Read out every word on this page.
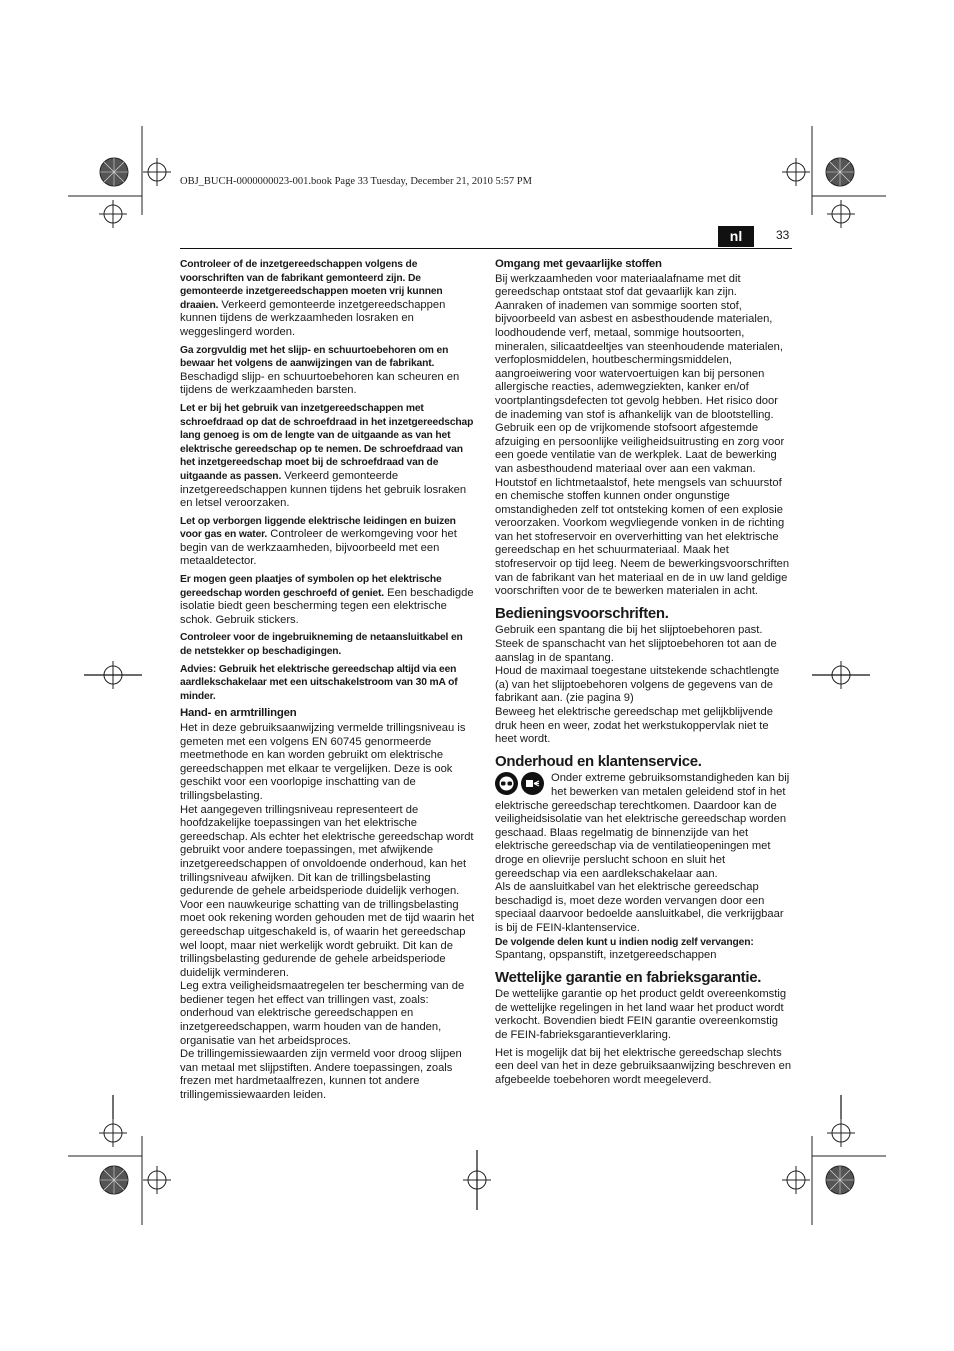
OBJ_BUCH-0000000023-001.book Page 33 Tuesday, December 21, 2010 5:57 PM
nl	33

Controleer of de inzetgereedschappen volgens de voorschriften van de fabrikant gemonteerd zijn. De gemonteerde inzetgereedschappen moeten vrij kunnen draaien. Verkeerd gemonteerde inzetgereedschappen kunnen tijdens de werkzaamheden losraken en weggeslingerd worden.

Ga zorgvuldig met het slijp- en schuurtoebehoren om en bewaar het volgens de aanwijzingen van de fabrikant. Beschadigd slijp- en schuurtoebehoren kan scheuren en tijdens de werkzaamheden barsten.

Let er bij het gebruik van inzetgereedschappen met schroefdraad op dat de schroefdraad in het inzetgereedschap lang genoeg is om de lengte van de uitgaande as van het elektrische gereedschap op te nemen. De schroefdraad van het inzetgereedschap moet bij de schroefdraad van de uitgaande as passen. Verkeerd gemonteerde inzetgereedschappen kunnen tijdens het gebruik losraken en letsel veroorzaken.

Let op verborgen liggende elektrische leidingen en buizen voor gas en water. Controleer de werkomgeving voor het begin van de werkzaamheden, bijvoorbeeld met een metaaldetector.

Er mogen geen plaatjes of symbolen op het elektrische gereedschap worden geschroefd of geniet. Een beschadigde isolatie biedt geen bescherming tegen een elektrische schok. Gebruik stickers.

Controleer voor de ingebruikneming de netaansluitkabel en de netstekker op beschadigingen.

Advies: Gebruik het elektrische gereedschap altijd via een aardlekschakelaar met een uitschakelstroom van 30 mA of minder.

Hand- en armtrillingen

Het in deze gebruiksaanwijzing vermelde trillingsniveau is gemeten met een volgens EN 60745 genormeerde meetmethode en kan worden gebruikt om elektrische gereedschappen met elkaar te vergelijken. Deze is ook geschikt voor een voorlopige inschatting van de trillingsbelasting.

Het aangegeven trillingsniveau representeert de hoofdzakelijke toepassingen van het elektrische gereedschap. Als echter het elektrische gereedschap wordt gebruikt voor andere toepassingen, met afwijkende inzetgereedschappen of onvoldoende onderhoud, kan het trillingsniveau afwijken. Dit kan de trillingsbelasting gedurende de gehele arbeidsperiode duidelijk verhogen.

Voor een nauwkeurige schatting van de trillingsbelasting moet ook rekening worden gehouden met de tijd waarin het gereedschap uitgeschakeld is, of waarin het gereedschap wel loopt, maar niet werkelijk wordt gebruikt. Dit kan de trillingsbelasting gedurende de gehele arbeidsperiode duidelijk verminderen.

Leg extra veiligheidsmaatregelen ter bescherming van de bediener tegen het effect van trillingen vast, zoals: onderhoud van elektrische gereedschappen en inzetgereedschappen, warm houden van de handen, organisatie van het arbeidsproces.

De trillingemissiewaarden zijn vermeld voor droog slijpen van metaal met slijpstiften. Andere toepassingen, zoals frezen met hardmetaalfrezen, kunnen tot andere trillingemissiewaarden leiden.

Omgang met gevaarlijke stoffen

Bij werkzaamheden voor materiaalafname met dit gereedschap ontstaat stof dat gevaarlijk kan zijn.

Aanraken of inademen van sommige soorten stof, bijvoorbeeld van asbest en asbesthoudende materialen, loodhoudende verf, metaal, sommige houtsoorten, mineralen, silicaatdeeltjes van steenhoudende materialen, verfoplosmiddelen, houtbeschermingsmiddelen, aangroeiwering voor watervoertuigen kan bij personen allergische reacties, ademwegziekten, kanker en/of voortplantingsdefecten tot gevolg hebben. Het risico door de inademing van stof is afhankelijk van de blootstelling. Gebruik een op de vrijkomende stofsoort afgestemde afzuiging en persoonlijke veiligheidsuitrusting en zorg voor een goede ventilatie van de werkplek. Laat de bewerking van asbesthoudend materiaal over aan een vakman.

Houtstof en lichtmetaalstof, hete mengsels van schuurstof en chemische stoffen kunnen onder ongunstige omstandigheden zelf tot ontsteking komen of een explosie veroorzaken. Voorkom wegvliegende vonken in de richting van het stofreservoir en oververhitting van het elektrische gereedschap en het schuurmateriaal. Maak het stofreservoir op tijd leeg. Neem de bewerkingsvoorschriften van de fabrikant van het materiaal en de in uw land geldige voorschriften voor de te bewerken materialen in acht.

Bedieningsvoorschriften.

Gebruik een spantang die bij het slijptoebehoren past.

Steek de spanschacht van het slijptoebehoren tot aan de aanslag in de spantang.

Houd de maximaal toegestane uitstekende schachtlengte (a) van het slijptoebehoren volgens de gegevens van de fabrikant aan. (zie pagina 9)

Beweeg het elektrische gereedschap met gelijkblijvende druk heen en weer, zodat het werkstukoppervlak niet te heet wordt.

Onderhoud en klantenservice.

Onder extreme gebruiksomstandigheden kan bij het bewerken van metalen geleidend stof in het elektrische gereedschap terechtkomen. Daardoor kan de veiligheidsisolatie van het elektrische gereedschap worden geschaad. Blaas regelmatig de binnenzijde van het elektrische gereedschap via de ventilatieopeningen met droge en olievrije perslucht schoon en sluit het gereedschap via een aardlekschakelaar aan.

Als de aansluitkabel van het elektrische gereedschap beschadigd is, moet deze worden vervangen door een speciaal daarvoor bedoelde aansluitkabel, die verkrijgbaar is bij de FEIN-klantenservice.

De volgende delen kunt u indien nodig zelf vervangen:

Spantang, opspanstift, inzetgereedschappen

Wettelijke garantie en fabrieksgarantie.

De wettelijke garantie op het product geldt overeenkomstig de wettelijke regelingen in het land waar het product wordt verkocht. Bovendien biedt FEIN garantie overeenkomstig de FEIN-fabrieksgarantieverklaring.

Het is mogelijk dat bij het elektrische gereedschap slechts een deel van het in deze gebruiksaanwijzing beschreven en afgebeelde toebehoren wordt meegeleverd.
